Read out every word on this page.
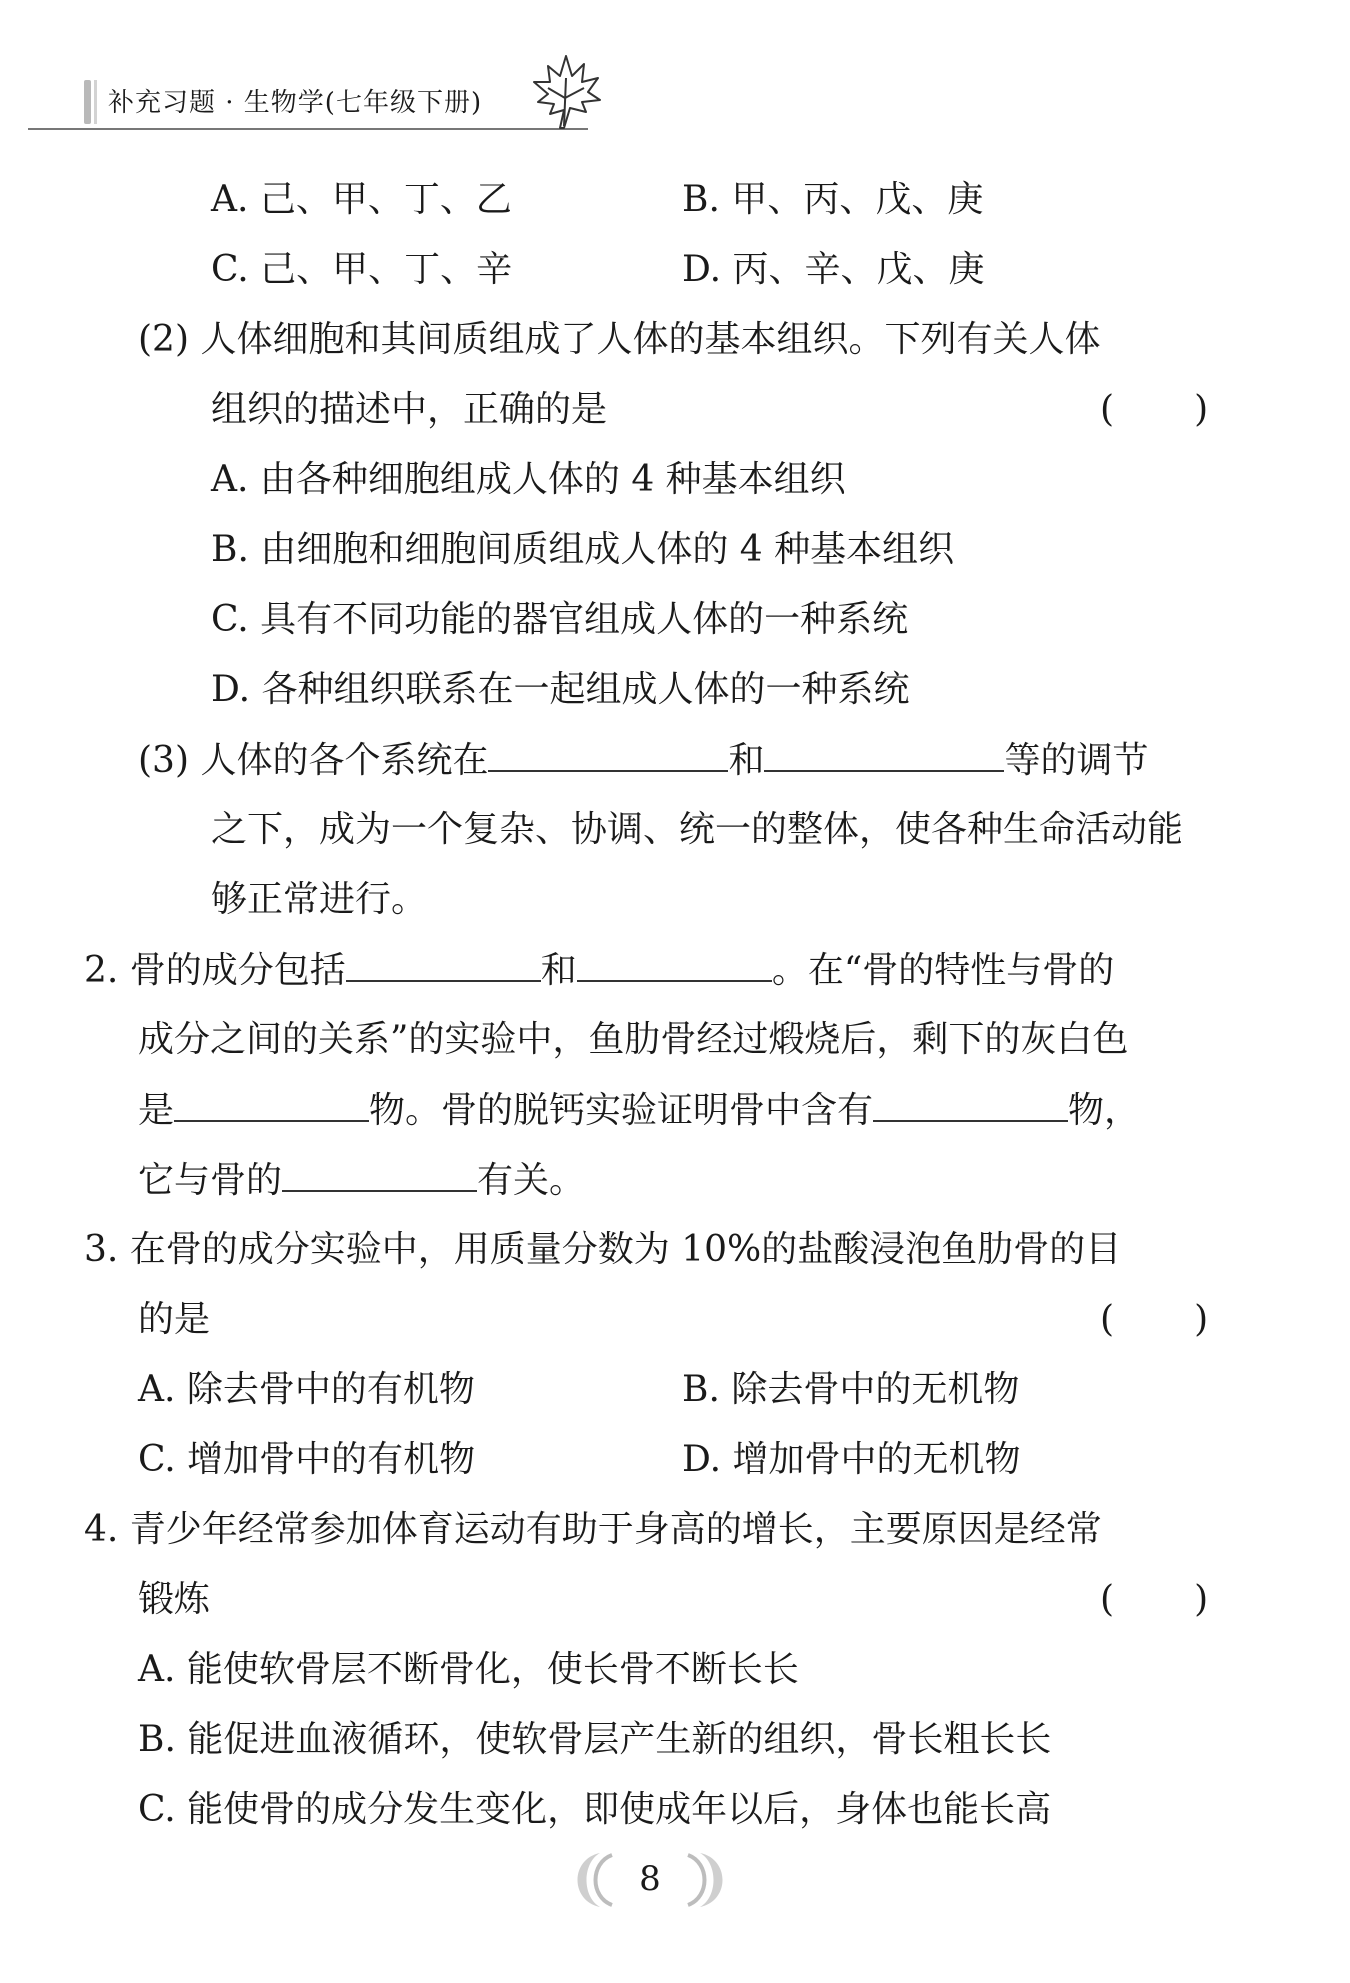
补充习题 · 生物学(七年级下册)
A. 己、甲、丁、乙	B. 甲、丙、戊、庚
C. 己、甲、丁、辛	D. 丙、辛、戊、庚
(2) 人体细胞和其间质组成了人体的基本组织。下列有关人体
组织的描述中，正确的是	(       )
A. 由各种细胞组成人体的 4 种基本组织
B. 由细胞和细胞间质组成人体的 4 种基本组织
C. 具有不同功能的器官组成人体的一种系统
D. 各种组织联系在一起组成人体的一种系统
(3) 人体的各个系统在	和	等的调节
之下，成为一个复杂、协调、统一的整体，使各种生命活动能
够正常进行。
2. 骨的成分包括	和	。在“骨的特性与骨的
成分之间的关系”的实验中，鱼肋骨经过煅烧后，剩下的灰白色
是	物。骨的脱钙实验证明骨中含有	物，
它与骨的	有关。
3. 在骨的成分实验中，用质量分数为 10%的盐酸浸泡鱼肋骨的目
的是	(       )
A. 除去骨中的有机物	B. 除去骨中的无机物
C. 增加骨中的有机物	D. 增加骨中的无机物
4. 青少年经常参加体育运动有助于身高的增长，主要原因是经常
锻炼	(       )
A. 能使软骨层不断骨化，使长骨不断长长
B. 能促进血液循环，使软骨层产生新的组织，骨长粗长长
C. 能使骨的成分发生变化，即使成年以后，身体也能长高
8
